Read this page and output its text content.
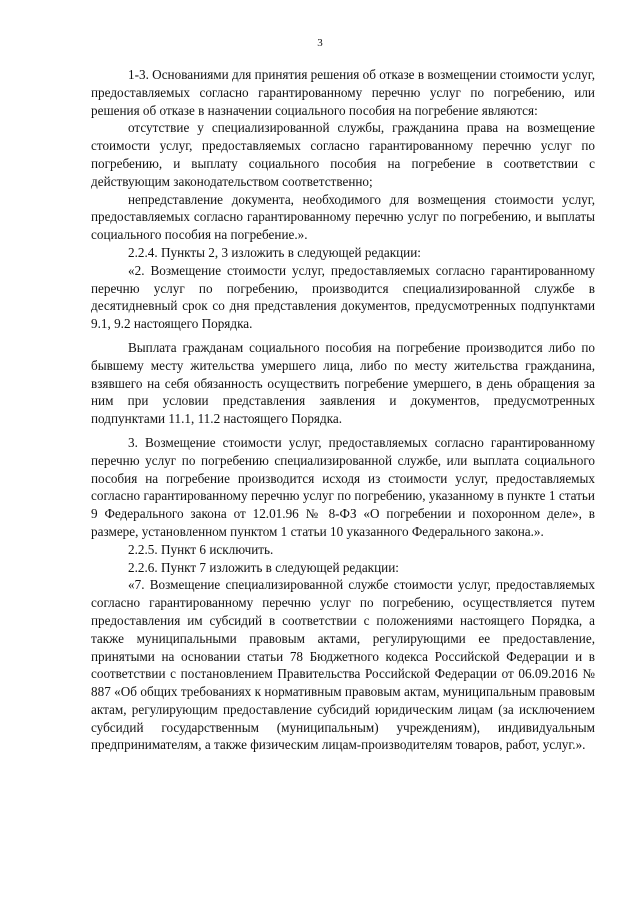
3

1-3. Основаниями для принятия решения об отказе в возмещении стоимости услуг, предоставляемых согласно гарантированному перечню услуг по погребению, или решения об отказе в назначении социального пособия на погребение являются:

отсутствие у специализированной службы, гражданина права на возмещение стоимости услуг, предоставляемых согласно гарантированному перечню услуг по погребению, и выплату социального пособия на погребение в соответствии с действующим законодательством соответственно;

непредставление документа, необходимого для возмещения стоимости услуг, предоставляемых согласно гарантированному перечню услуг по погребению, и выплаты социального пособия на погребение.».

2.2.4. Пункты 2, 3 изложить в следующей редакции:

«2. Возмещение стоимости услуг, предоставляемых согласно гарантированному перечню услуг по погребению, производится специализированной службе в десятидневный срок со дня представления документов, предусмотренных подпунктами 9.1, 9.2 настоящего Порядка.

Выплата гражданам социального пособия на погребение производится либо по бывшему месту жительства умершего лица, либо по месту жительства гражданина, взявшего на себя обязанность осуществить погребение умершего, в день обращения за ним при условии представления заявления и документов, предусмотренных подпунктами 11.1, 11.2 настоящего Порядка.

3. Возмещение стоимости услуг, предоставляемых согласно гарантированному перечню услуг по погребению специализированной службе, или выплата социального пособия на погребение производится исходя из стоимости услуг, предоставляемых согласно гарантированному перечню услуг по погребению, указанному в пункте 1 статьи 9 Федерального закона от 12.01.96 № 8-ФЗ «О погребении и похоронном деле», в размере, установленном пунктом 1 статьи 10 указанного Федерального закона.».

2.2.5. Пункт 6 исключить.

2.2.6. Пункт 7 изложить в следующей редакции:

«7. Возмещение специализированной службе стоимости услуг, предоставляемых согласно гарантированному перечню услуг по погребению, осуществляется путем предоставления им субсидий в соответствии с положениями настоящего Порядка, а также муниципальными правовым актами, регулирующими ее предоставление, принятыми на основании статьи 78 Бюджетного кодекса Российской Федерации и в соответствии с постановлением Правительства Российской Федерации от 06.09.2016 № 887 «Об общих требованиях к нормативным правовым актам, муниципальным правовым актам, регулирующим предоставление субсидий юридическим лицам (за исключением субсидий государственным (муниципальным) учреждениям), индивидуальным предпринимателям, а также физическим лицам-производителям товаров, работ, услуг.».
